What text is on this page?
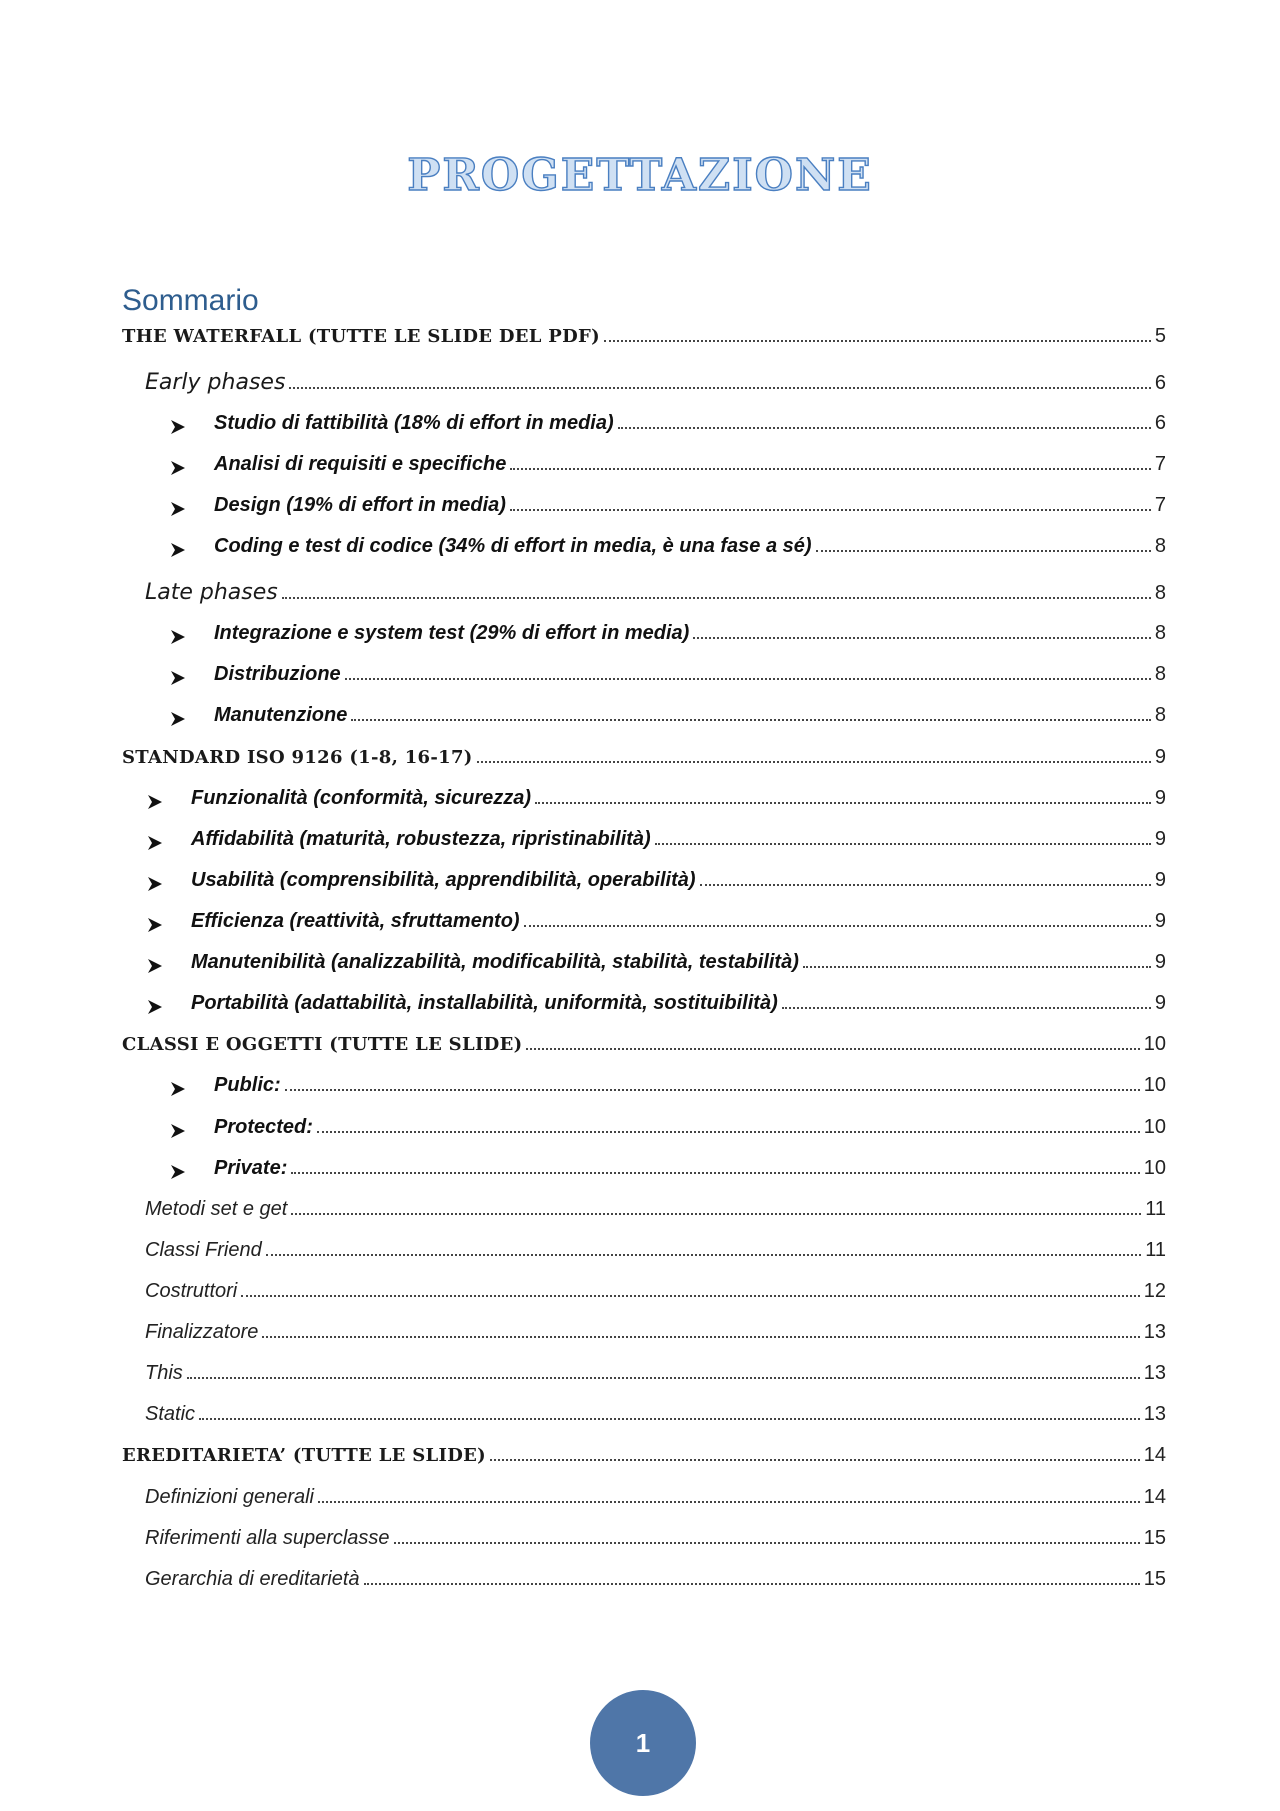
PROGETTAZIONE
Sommario
THE WATERFALL (TUTTE LE SLIDE DEL PDF)	5
Early phases	6
Studio di fattibilità (18% di effort in media)	6
Analisi di requisiti e specifiche	7
Design (19% di effort in media)	7
Coding e test di codice (34% di effort in media, è una fase a sé)	8
Late phases	8
Integrazione e system test (29% di effort in media)	8
Distribuzione	8
Manutenzione	8
STANDARD ISO 9126 (1-8, 16-17)	9
Funzionalità (conformità, sicurezza)	9
Affidabilità (maturità, robustezza, ripristinabilità)	9
Usabilità (comprensibilità, apprendibilità, operabilità)	9
Efficienza (reattività, sfruttamento)	9
Manutenibilità (analizzabilità, modificabilità, stabilità, testabilità)	9
Portabilità (adattabilità, installabilità, uniformità, sostituibilità)	9
CLASSI E OGGETTI (TUTTE LE SLIDE)	10
Public:	10
Protected:	10
Private:	10
Metodi set e get	11
Classi Friend	11
Costruttori	12
Finalizzatore	13
This	13
Static	13
EREDITARIETA’ (TUTTE LE SLIDE)	14
Definizioni generali	14
Riferimenti alla superclasse	15
Gerarchia di ereditarietà	15
1
